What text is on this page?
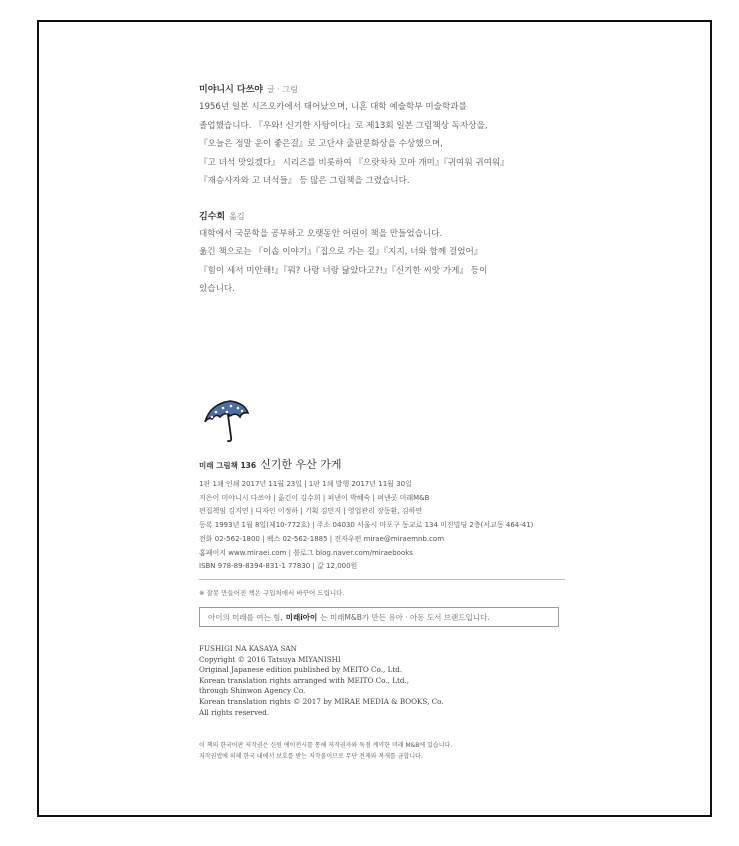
미야니시 다쓰야 글 · 그림

1956년 일본 시즈오카에서 태어났으며, 니혼 대학 예술학부 미술학과를

졸업했습니다. 『우와! 신기한 사탕이다』로 제13회 일본 그림책상 독자상을,

『오늘은 정말 운이 좋은걸』로 고단샤 출판문화상을 수상했으며,

『고 녀석 맛있겠다』 시리즈를 비롯하여 『으랏차차 꼬마 개미』『귀여워 귀여워』

『재승사자와 고 녀석들』 등 많은 그림책을 그렸습니다.

김수희 옮김

대학에서 국문학을 공부하고 오랫동안 어린이 책을 만들었습니다.

옮긴 책으로는 『이솝 이야기』『집으로 가는 길』『지지, 너와 함께 걸었어』

『힘이 세서 미안해!』『뭐? 나랑 너랑 닮았다고?!』『신기한 씨앗 가게』 등이

있습니다.

미래 그림책 136 신기한 우산 가게
1판 1쇄 인쇄 2017년 11월 23일 | 1판 1쇄 발행 2017년 11월 30일
지은이 미야니시 다쓰야 | 옮긴이 김수희 | 펴낸이 박혜숙 | 펴낸곳 미래M&B
편집책임 김지연 | 디자인 이정하 | 기획 김민지 | 영업관리 장동환, 김하연
등록 1993년 1월 8일(제10-772호) | 주소 04030 서울시 마포구 동교로 134 미진빌딩 2층(서교동 464-41)
전화 02-562-1800 | 팩스 02-562-1885 | 전자우편 mirae@miraemnb.com
홈페이지 www.miraei.com | 블로그 blog.naver.com/miraebooks
ISBN 978-89-8394-831-1 77830 | 값 12,000원
※ 잘못 만들어진 책은 구입처에서 바꾸어 드립니다.
아이의 미래를 여는 힘, 미래i아이 는 미래M&B가 만든 유아 · 아동 도서 브랜드입니다.
FUSHIGI NA KASAYA SAN
Copyright © 2016 Tatsuya MIYANISHI
Original Japanese edition published by MEITO Co., Ltd.
Korean translation rights arranged with MEITO Co., Ltd.,
through Shinwon Agency Co.
Korean translation rights © 2017 by MIRAE MEDIA & BOOKS, Co.
All rights reserved.
이 책의 한국어판 저작권은 신원 에이전시를 통해 저작권자와 독점 계약한 미래 M&B에 있습니다.
저작권법에 의해 한국 내에서 보호를 받는 저작물이므로 무단 전재와 복제를 금합니다.
